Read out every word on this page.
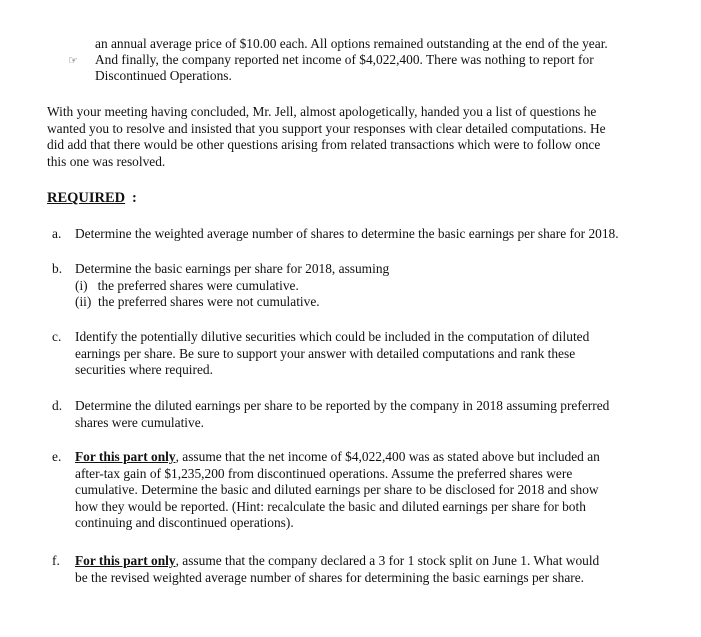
an annual average price of $10.00 each. All options remained outstanding at the end of the year.
☞ And finally, the company reported net income of $4,022,400. There was nothing to report for
Discontinued Operations.
With your meeting having concluded, Mr. Jell, almost apologetically, handed you a list of questions he
wanted you to resolve and insisted that you support your responses with clear detailed computations. He
did add that there would be other questions arising from related transactions which were to follow once
this one was resolved.
REQUIRED :
a. Determine the weighted average number of shares to determine the basic earnings per share for 2018.
b. Determine the basic earnings per share for 2018, assuming
(i)   the preferred shares were cumulative.
(ii)  the preferred shares were not cumulative.
c. Identify the potentially dilutive securities which could be included in the computation of diluted
earnings per share. Be sure to support your answer with detailed computations and rank these
securities where required.
d. Determine the diluted earnings per share to be reported by the company in 2018 assuming preferred
shares were cumulative.
e. For this part only, assume that the net income of $4,022,400 was as stated above but included an
after-tax gain of $1,235,200 from discontinued operations. Assume the preferred shares were
cumulative. Determine the basic and diluted earnings per share to be disclosed for 2018 and show
how they would be reported. (Hint: recalculate the basic and diluted earnings per share for both
continuing and discontinued operations).
f. For this part only, assume that the company declared a 3 for 1 stock split on June 1. What would
be the revised weighted average number of shares for determining the basic earnings per share.
